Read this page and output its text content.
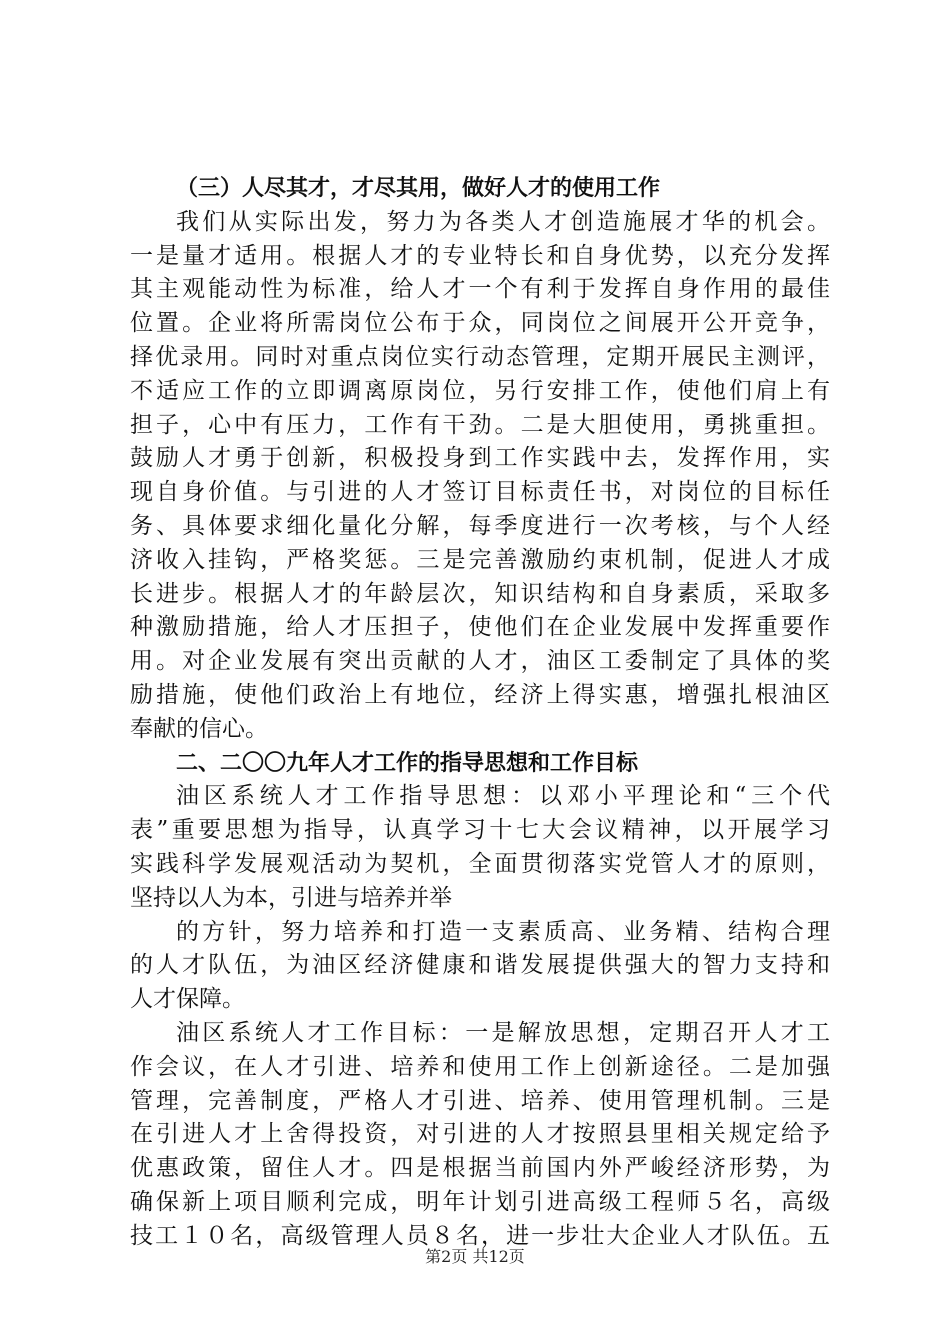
（三）人尽其才，才尽其用，做好人才的使用工作
我们从实际出发，努力为各类人才创造施展才华的机会。
一是量才适用。根据人才的专业特长和自身优势，以充分发挥
其主观能动性为标准，给人才一个有利于发挥自身作用的最佳
位置。企业将所需岗位公布于众，同岗位之间展开公开竞争，
择优录用。同时对重点岗位实行动态管理，定期开展民主测评，
不适应工作的立即调离原岗位，另行安排工作，使他们肩上有
担子，心中有压力，工作有干劲。二是大胆使用，勇挑重担。
鼓励人才勇于创新，积极投身到工作实践中去，发挥作用，实
现自身价值。与引进的人才签订目标责任书，对岗位的目标任
务、具体要求细化量化分解，每季度进行一次考核，与个人经
济收入挂钩，严格奖惩。三是完善激励约束机制，促进人才成
长进步。根据人才的年龄层次，知识结构和自身素质，采取多
种激励措施，给人才压担子，使他们在企业发展中发挥重要作
用。对企业发展有突出贡献的人才，油区工委制定了具体的奖
励措施，使他们政治上有地位，经济上得实惠，增强扎根油区
奉献的信心。
二、二〇〇九年人才工作的指导思想和工作目标
油区系统人才工作指导思想：以邓小平理论和“三个代
表”重要思想为指导，认真学习十七大会议精神，以开展学习
实践科学发展观活动为契机，全面贯彻落实党管人才的原则，
坚持以人为本，引进与培养并举
的方针，努力培养和打造一支素质高、业务精、结构合理
的人才队伍，为油区经济健康和谐发展提供强大的智力支持和
人才保障。
油区系统人才工作目标：一是解放思想，定期召开人才工
作会议，在人才引进、培养和使用工作上创新途径。二是加强
管理，完善制度，严格人才引进、培养、使用管理机制。三是
在引进人才上舍得投资，对引进的人才按照县里相关规定给予
优惠政策，留住人才。四是根据当前国内外严峻经济形势，为
确保新上项目顺利完成，明年计划引进高级工程师５名，高级
技工１０名，高级管理人员８名，进一步壮大企业人才队伍。五
第2页 共12页
